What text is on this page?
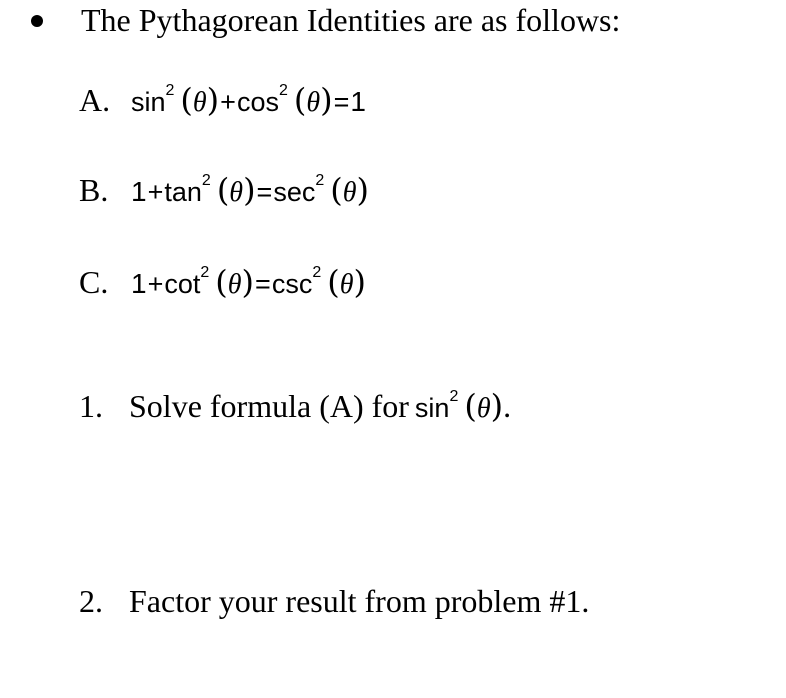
The Pythagorean Identities are as follows:
A. $\sin^2 (\theta)+\cos^2$ (θ)=1
B. $1+\tan^2$ $(\theta)=\sec^2$ (θ)
C. $1+\cot^2$ $(\theta)=\csc^2$ (θ)
1. Solve formula (A) for $\sin^2 (\theta)$.
2. Factor your result from problem #1.
